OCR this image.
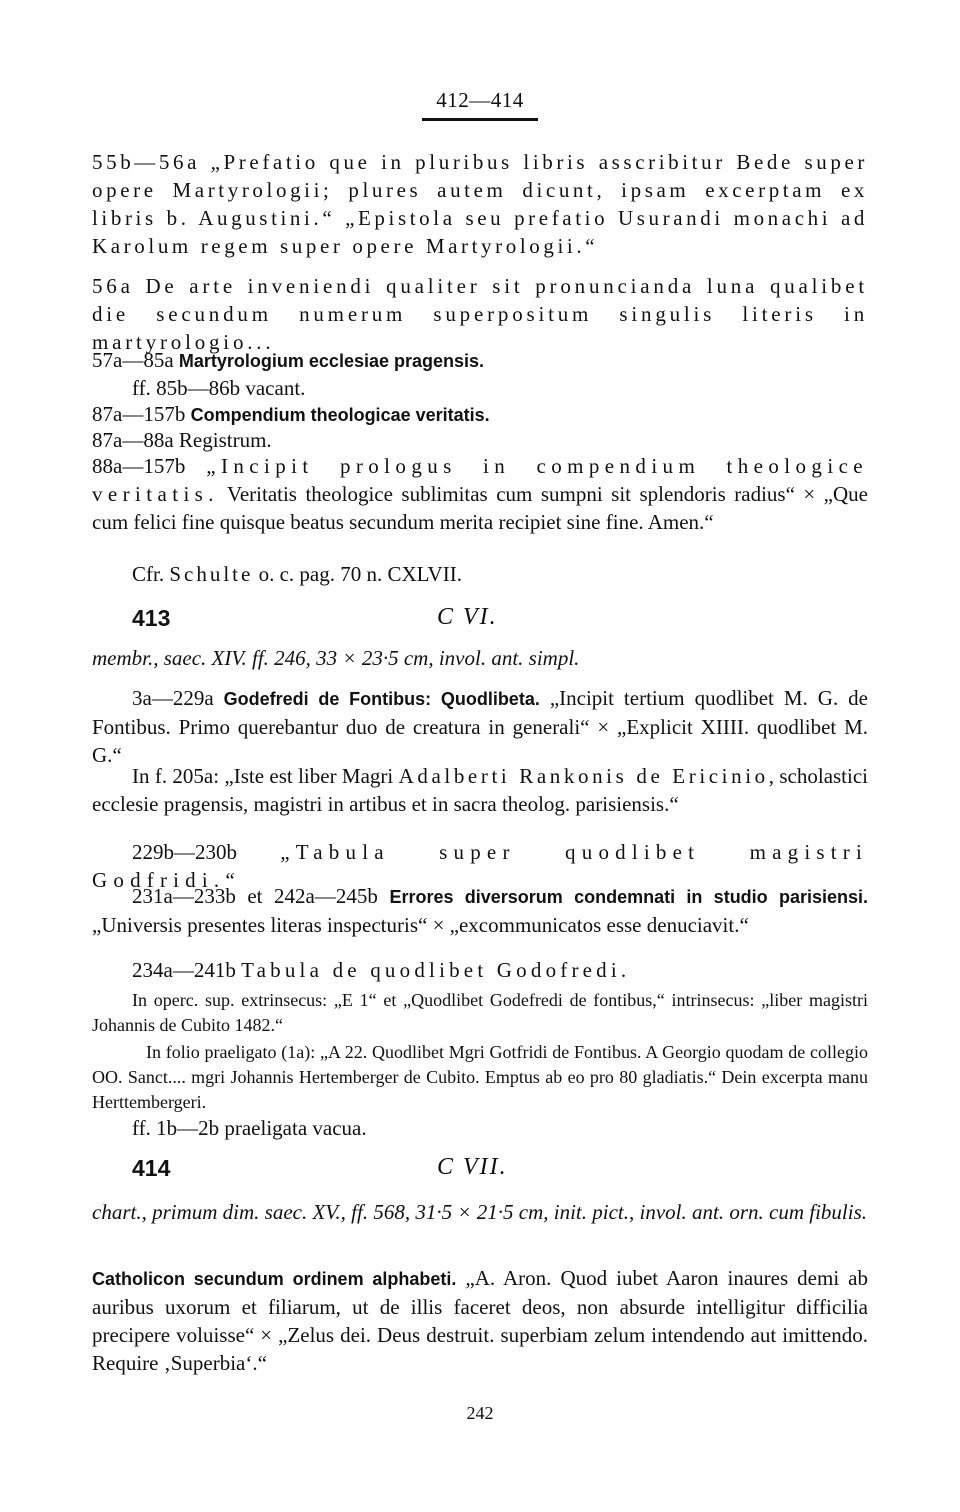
412—414
55b—56a „Prefatio que in pluribus libris asscribitur Bede super opere Martyrologii; plures autem dicunt, ipsam excerptam ex libris b. Augustini.“ „Epistola seu prefatio Usurandi monachi ad Karolum regem super opere Martyrologii.“
56a De arte inveniendi qualiter sit pronuncianda luna qualibet die secundum numerum superpositum singulis literis in martyrologio...
57a—85a Martyrologium ecclesiae pragensis.
ff. 85b—86b vacant.
87a—157b Compendium theologicae veritatis.
87a—88a Registrum.
88a—157b „Incipit prologus in compendium theologice veritatis. Veritatis theologice sublimitas cum sumpni sit splendoris radius“ × „Que cum felici fine quisque beatus secundum merita recipiet sine fine. Amen.“
Cfr. Schulte o. c. pag. 70 n. CXLVII.
413	C VI.
membr., saec. XIV. ff. 246, 33 × 23·5 cm, invol. ant. simpl.
3a—229a Godefredi de Fontibus: Quodlibeta. „Incipit tertium quodlibet M. G. de Fontibus. Primo querebantur duo de creatura in generali“ × „Explicit XIIII. quodlibet M. G.“
In f. 205a: „Iste est liber Magri Adalberti Rankonis de Ericinio, scholastici ecclesie pragensis, magistri in artibus et in sacra theolog. parisiensis.“
229b—230b „Tabula super quodlibet magistri Godfridi.“
231a—233b et 242a—245b Errores diversorum condemnati in studio parisiensi. „Universis presentes literas inspecturis“ × „excommunicatos esse denuciavit.“
234a—241b Tabula de quodlibet Godofredi.
In operc. sup. extrinsecus: „E 1“ et „Quodlibet Godefredi de fontibus,“ intrinsecus: „liber magistri Johannis de Cubito 1482.“
In folio praeligato (1a): „A 22. Quodlibet Mgri Gotfridi de Fontibus. A Georgio quodam de collegio OO. Sanct.... mgri Johannis Hertemberger de Cubito. Emptus ab eo pro 80 gladiatis.“ Dein excerpta manu Herttembergeri.
ff. 1b—2b praeligata vacua.
414	C VII.
chart., primum dim. saec. XV., ff. 568, 31·5 × 21·5 cm, init. pict., invol. ant. orn. cum fibulis.
Catholicon secundum ordinem alphabeti. „A. Aron. Quod iubet Aaron inaures demi ab auribus uxorum et filiarum, ut de illis faceret deos, non absurde intelligitur difficilia precipere voluisse“ × „Zelus dei. Deus destruit. superbiam zelum intendendo aut imittendo. Require ‚Superbia‘.“
242
